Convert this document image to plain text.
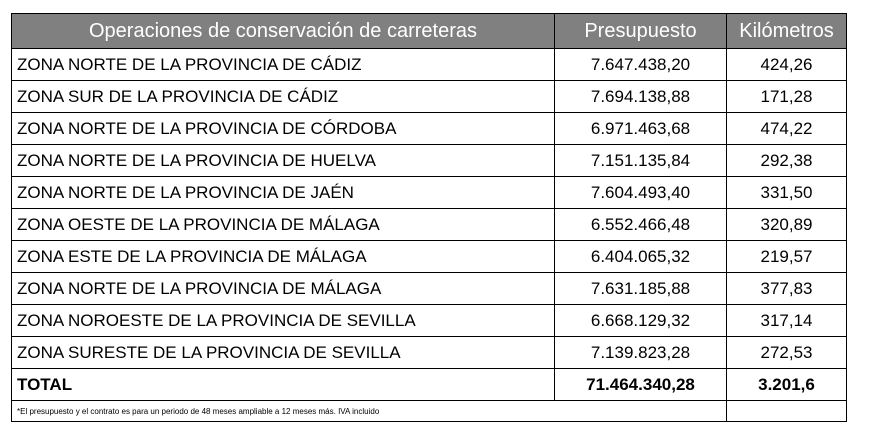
Operaciones de conservación de carreteras	Presupuesto	Kilómetros
ZONA NORTE DE LA PROVINCIA DE CÁDIZ	7.647.438,20	424,26
ZONA SUR DE LA PROVINCIA DE CÁDIZ	7.694.138,88	171,28
ZONA NORTE DE LA PROVINCIA DE CÓRDOBA	6.971.463,68	474,22
ZONA NORTE DE LA PROVINCIA DE HUELVA	7.151.135,84	292,38
ZONA NORTE DE LA PROVINCIA DE JAÉN	7.604.493,40	331,50
ZONA OESTE DE LA PROVINCIA DE MÁLAGA	6.552.466,48	320,89
ZONA ESTE DE LA PROVINCIA DE MÁLAGA	6.404.065,32	219,57
ZONA NORTE DE LA PROVINCIA DE MÁLAGA	7.631.185,88	377,83
ZONA NOROESTE DE LA PROVINCIA DE SEVILLA	6.668.129,32	317,14
ZONA SURESTE DE LA PROVINCIA DE SEVILLA	7.139.823,28	272,53
TOTAL	71.464.340,28	3.201,6
*El presupuesto y el contrato es para un periodo de 48 meses ampliable a 12 meses más. IVA incluido		
